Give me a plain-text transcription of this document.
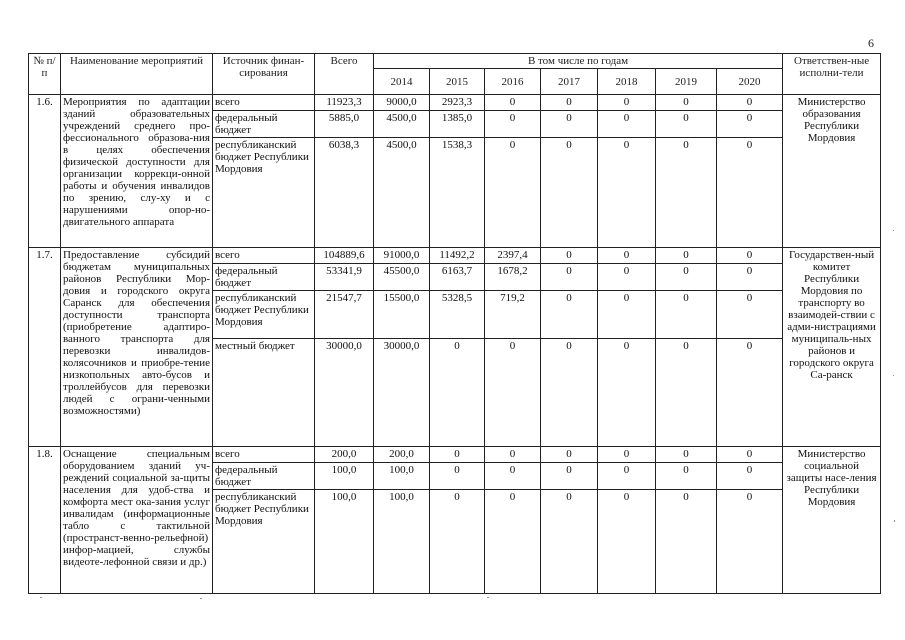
6
№ п/п	Наименование мероприятий	Источник финан-сирования	Всего	В том числе по годам							Ответствен-ные исполни-тели
				2014	2015	2016	2017	2018	2019	2020	
1.6.	Мероприятия по адаптации зданий образовательных учреждений среднего про-фессионального образова-ния в целях обеспечения физической доступности для организации коррекци-онной работы и обучения инвалидов по зрению, слу-ху и с нарушениями опор-но-двигательного аппарата	всего	11923,3	9000,0	2923,3	0	0	0	0	0	Министерство образования Республики Мордовия
		федеральный бюджет	5885,0	4500,0	1385,0	0	0	0	0	0	
		республиканский бюджет Республики Мордовия	6038,3	4500,0	1538,3	0	0	0	0	0	
1.7.	Предоставление субсидий бюджетам муниципальных районов Республики Мор-довия и городского округа Саранск для обеспечения доступности транспорта (приобретение адаптиро-ванного транспорта для перевозки инвалидов-колясочников и приобре-тение низкопольных авто-бусов и троллейбусов для перевозки людей с ограни-ченными возможностями)	всего	104889,6	91000,0	11492,2	2397,4	0	0	0	0	Государствен-ный комитет Республики Мордовия по транспорту во взаимодей-ствии с адми-нистрациями муниципаль-ных районов и городского округа Са-ранск
		федеральный бюджет	53341,9	45500,0	6163,7	1678,2	0	0	0	0	
		республиканский бюджет Республики Мордовия	21547,7	15500,0	5328,5	719,2	0	0	0	0	
		местный бюджет	30000,0	30000,0	0	0	0	0	0	0	
1.8.	Оснащение специальным оборудованием зданий уч-реждений социальной за-щиты населения для удоб-ства и комфорта мест ока-зания услуг инвалидам (информационные табло с тактильной (пространст-венно-рельефной) инфор-мацией, службы видеоте-лефонной связи и др.)	всего	200,0	200,0	0	0	0	0	0	0	Министерство социальной защиты насе-ления Республики Мордовия
		федеральный бюджет	100,0	100,0	0	0	0	0	0	0	
		республиканский бюджет Республики Мордовия	100,0	100,0	0	0	0	0	0	0	
